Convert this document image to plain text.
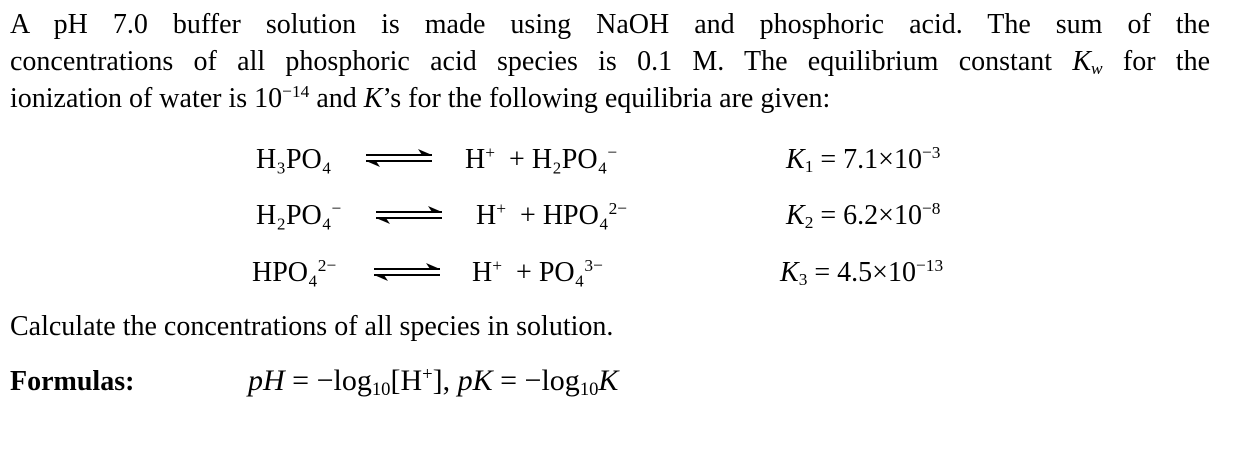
A pH 7.0 buffer solution is made using NaOH and phosphoric acid. The sum of the
concentrations of all phosphoric acid species is 0.1 M. The equilibrium constant $K_w$ for the
ionization of water is $10^{-14}$ and K’s for the following equilibria are given:
H₃PO₄	H+ + H₂PO₄−	$K_1 = 7.1\times 10^{-3}$
H₂PO₄−	H+ + HPO₄$^{2-}$	$K_2 = 6.2\times 10^{-8}$
HPO₄$^{2-}$	H+ + PO₄$^{3-}$	$K_3 = 4.5\times 10^{-13}$
Calculate the concentrations of all species in solution.
Formulas:	pH = $-\log_{10}[H^+]$, pK = $-\log_{10}K$
